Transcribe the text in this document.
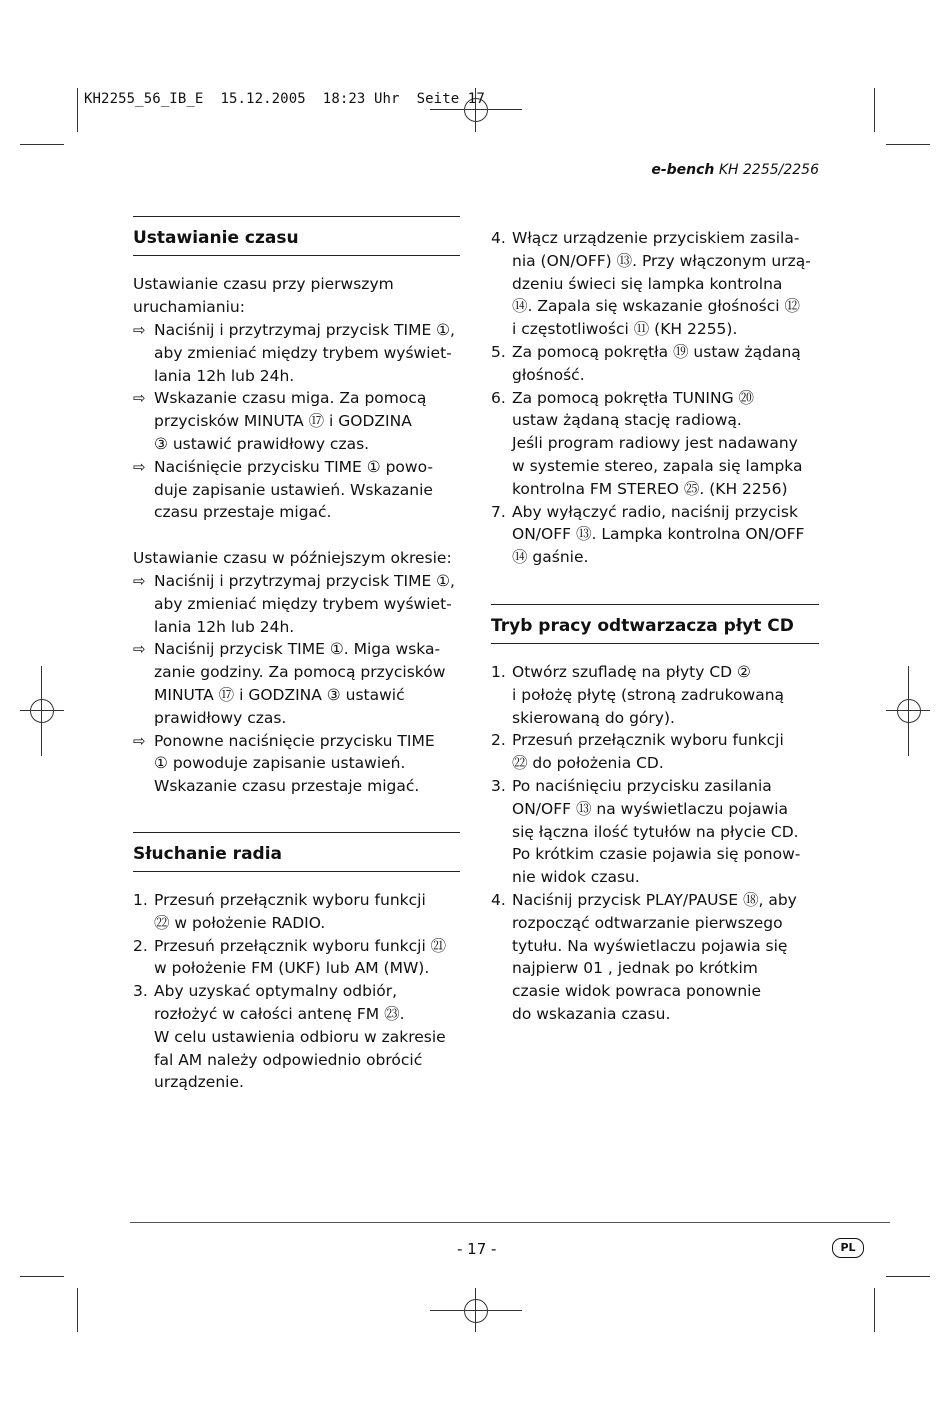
KH2255_56_IB_E  15.12.2005  18:23 Uhr  Seite 17
e-bench KH 2255/2256
Ustawianie czasu
Ustawianie czasu przy pierwszym
uruchamianiu:
⇨ Naciśnij i przytrzymaj przycisk TIME ①,
aby zmieniać między trybem wyświet-
lania 12h lub 24h.
⇨ Wskazanie czasu miga. Za pomocą
przycisków MINUTA ⑰ i GODZINA
③ ustawić prawidłowy czas.
⇨ Naciśnięcie przycisku TIME ① powo-
duje zapisanie ustawień. Wskazanie
czasu przestaje migać.
Ustawianie czasu w późniejszym okresie:
⇨ Naciśnij i przytrzymaj przycisk TIME ①,
aby zmieniać między trybem wyświet-
lania 12h lub 24h.
⇨ Naciśnij przycisk TIME ①. Miga wska-
zanie godziny. Za pomocą przycisków
MINUTA ⑰ i GODZINA ③ ustawić
prawidłowy czas.
⇨ Ponowne naciśnięcie przycisku TIME
① powoduje zapisanie ustawień.
Wskazanie czasu przestaje migać.
Słuchanie radia
1. Przesuń przełącznik wyboru funkcji
㉒ w położenie RADIO.
2. Przesuń przełącznik wyboru funkcji ㉑
w położenie FM (UKF) lub AM (MW).
3. Aby uzyskać optymalny odbiór,
rozłożyć w całości antenę FM ㉓.
W celu ustawienia odbioru w zakresie
fal AM należy odpowiednio obrócić
urządzenie.
4. Włącz urządzenie przyciskiem zasila-
nia (ON/OFF) ⑬. Przy włączonym urzą-
dzeniu świeci się lampka kontrolna
⑭. Zapala się wskazanie głośności ⑫
i częstotliwości ⑪ (KH 2255).
5. Za pomocą pokrętła ⑲ ustaw żądaną
głośność.
6. Za pomocą pokrętła TUNING ⑳
ustaw żądaną stację radiową.
Jeśli program radiowy jest nadawany
w systemie stereo, zapala się lampka
kontrolna FM STEREO ㉕. (KH 2256)
7. Aby wyłączyć radio, naciśnij przycisk
ON/OFF ⑬. Lampka kontrolna ON/OFF
⑭ gaśnie.
Tryb pracy odtwarzacza płyt CD
1. Otwórz szufladę na płyty CD ②
i położę płytę (stroną zadrukowaną
skierowaną do góry).
2. Przesuń przełącznik wyboru funkcji
㉒ do położenia CD.
3. Po naciśnięciu przycisku zasilania
ON/OFF ⑬ na wyświetlaczu pojawia
się łączna ilość tytułów na płycie CD.
Po krótkim czasie pojawia się ponow-
nie widok czasu.
4. Naciśnij przycisk PLAY/PAUSE ⑱, aby
rozpocząć odtwarzanie pierwszego
tytułu. Na wyświetlaczu pojawia się
najpierw 01 , jednak po krótkim
czasie widok powraca ponownie
do wskazania czasu.
- 17 -	PL
